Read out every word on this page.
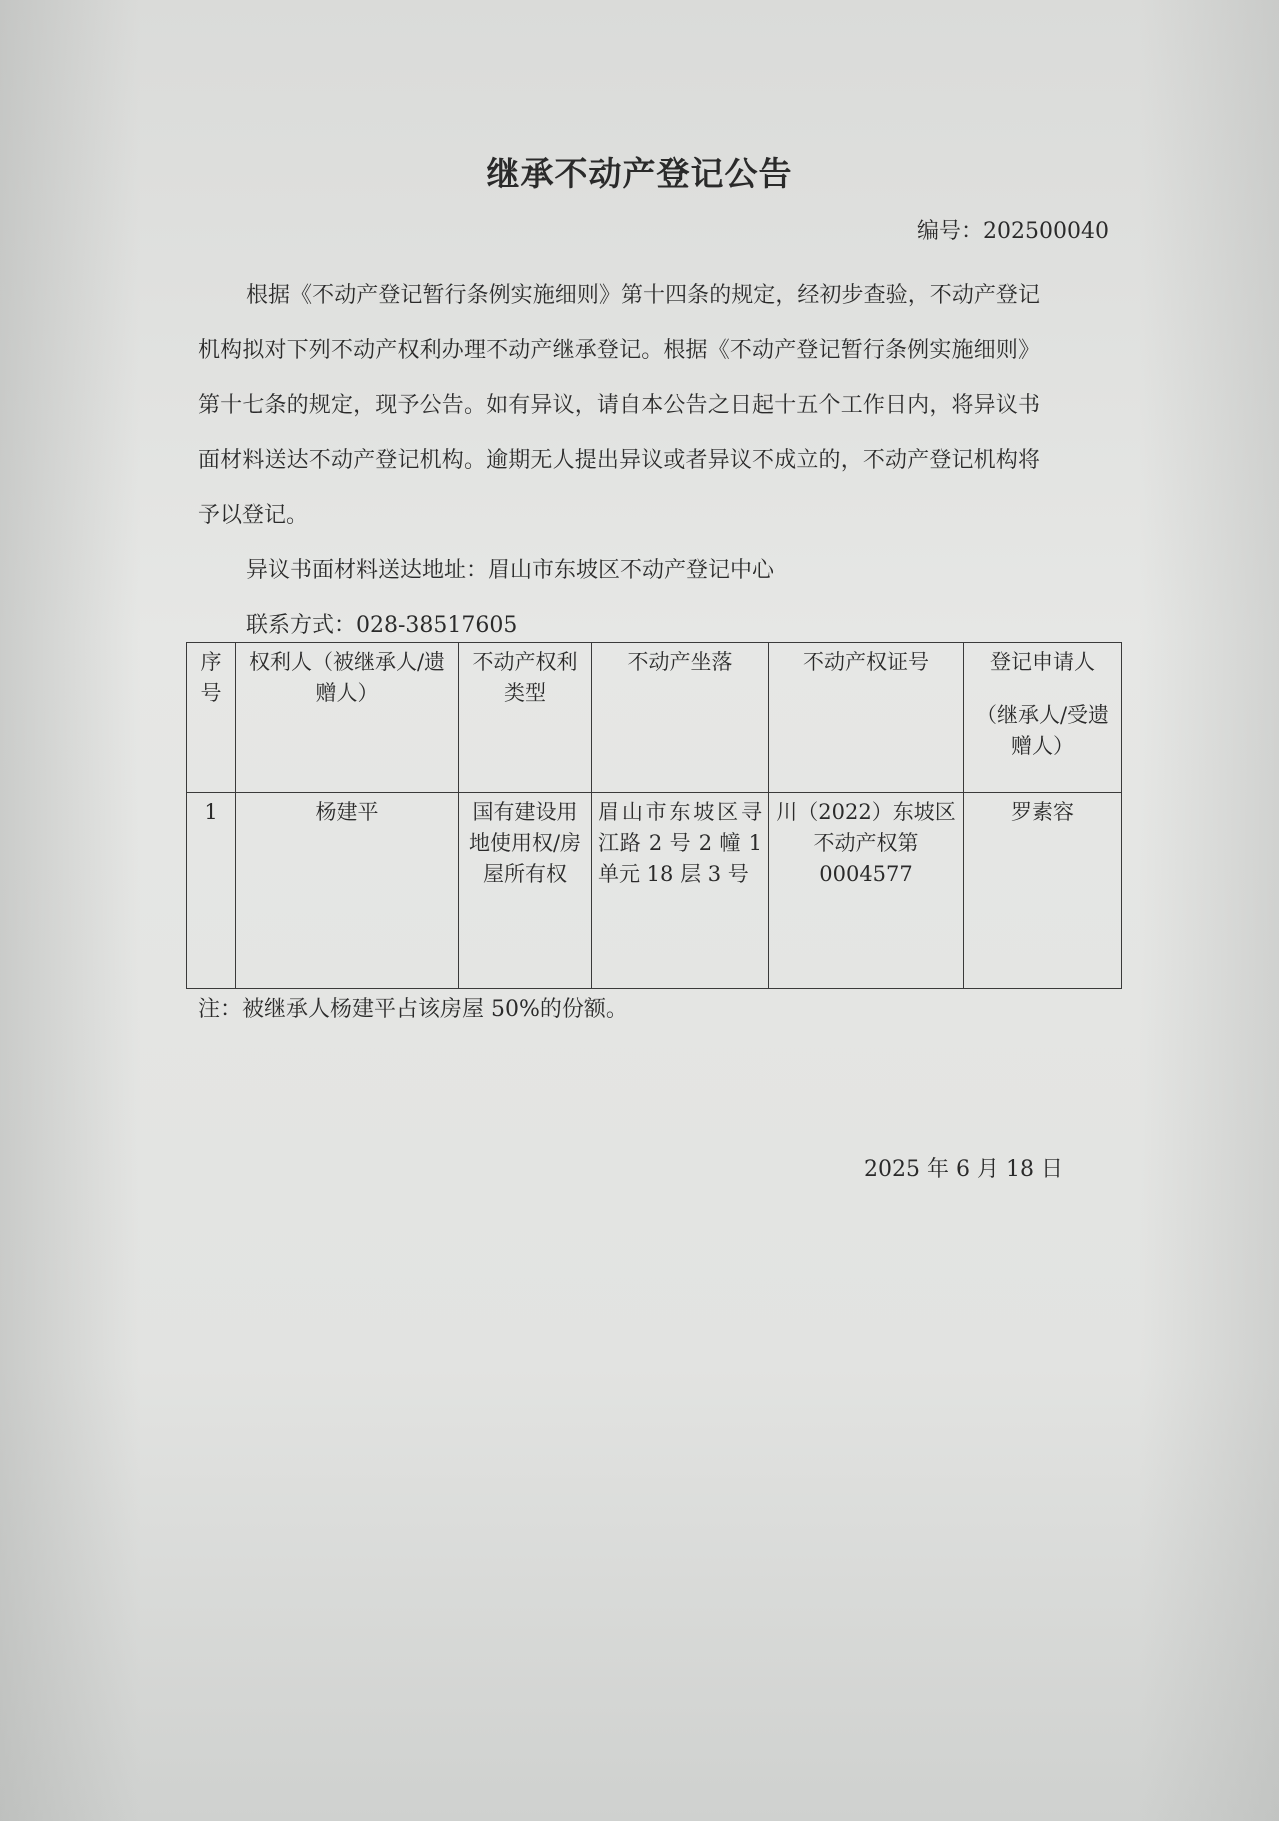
继承不动产登记公告
编号：202500040

根据《不动产登记暂行条例实施细则》第十四条的规定，经初步查验，不动产登记机构拟对下列不动产权利办理不动产继承登记。根据《不动产登记暂行条例实施细则》第十七条的规定，现予公告。如有异议，请自本公告之日起十五个工作日内，将异议书面材料送达不动产登记机构。逾期无人提出异议或者异议不成立的，不动产登记机构将予以登记。

异议书面材料送达地址：眉山市东坡区不动产登记中心

联系方式：028-38517605

序号	权利人（被继承人/遗赠人）	不动产权利类型	不动产坐落	不动产权证号	登记申请人
（继承人/受遗赠人）

1	杨建平	国有建设用地使用权/房屋所有权	眉山市东坡区寻江路 2 号 2 幢 1 单元 18 层 3 号	川（2022）东坡区不动产权第 0004577	罗素容
注：被继承人杨建平占该房屋 50%的份额。
2025 年 6 月 18 日
